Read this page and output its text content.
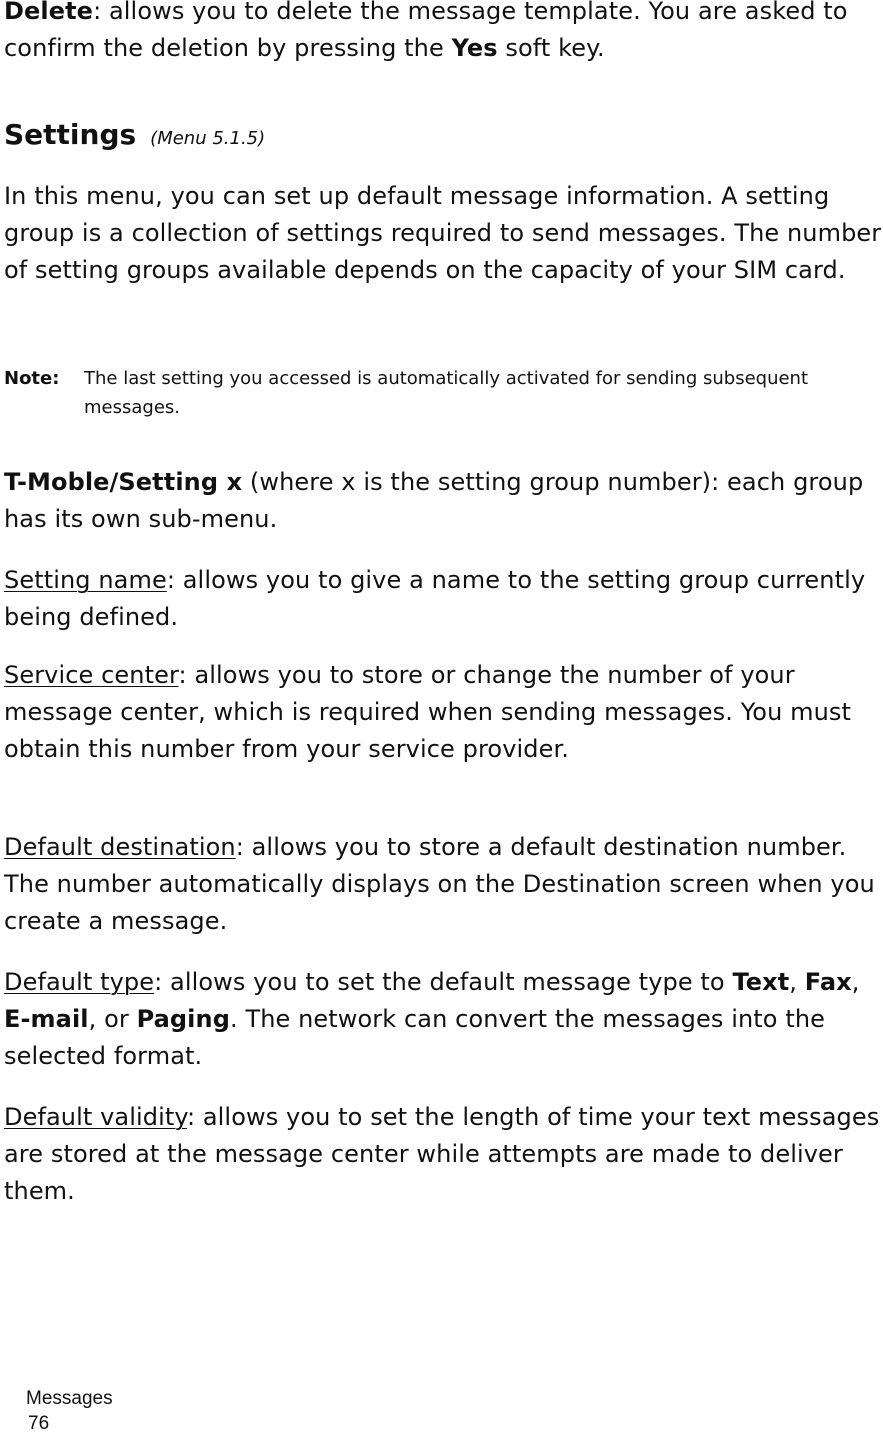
Delete: allows you to delete the message template. You are asked to confirm the deletion by pressing the Yes soft key.

Settings (Menu 5.1.5)

In this menu, you can set up default message information. A setting group is a collection of settings required to send messages. The number of setting groups available depends on the capacity of your SIM card.

Note:	The last setting you accessed is automatically activated for sending subsequent messages.

T-Moble/Setting x (where x is the setting group number): each group has its own sub-menu.

Setting name: allows you to give a name to the setting group currently being defined.

Service center: allows you to store or change the number of your message center, which is required when sending messages. You must obtain this number from your service provider.

Default destination: allows you to store a default destination number. The number automatically displays on the Destination screen when you create a message.

Default type: allows you to set the default message type to Text, Fax, E-mail, or Paging. The network can convert the messages into the selected format.

Default validity: allows you to set the length of time your text messages are stored at the message center while attempts are made to deliver them.

Messages
76
